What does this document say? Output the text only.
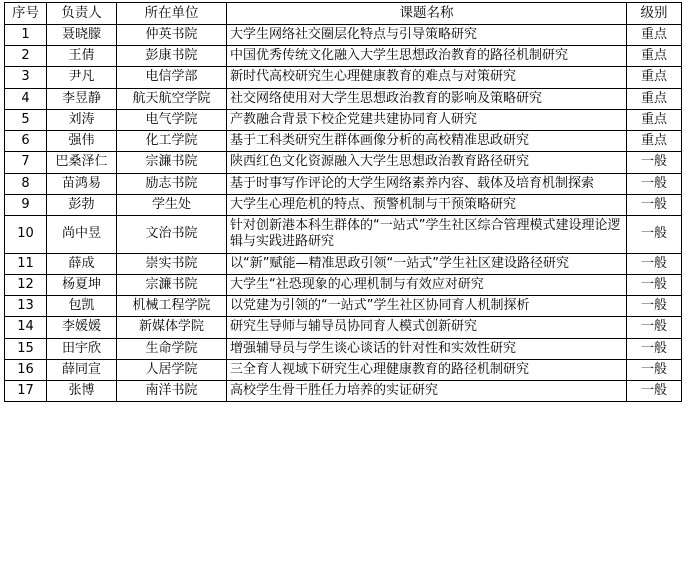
序号	负责人	所在单位	课题名称	级别
1	聂晓朦	仲英书院	大学生网络社交圈层化特点与引导策略研究	重点
2	王倩	彭康书院	中国优秀传统文化融入大学生思想政治教育的路径机制研究	重点
3	尹凡	电信学部	新时代高校研究生心理健康教育的难点与对策研究	重点
4	李昱静	航天航空学院	社交网络使用对大学生思想政治教育的影响及策略研究	重点
5	刘涛	电气学院	产教融合背景下校企党建共建协同育人研究	重点
6	强伟	化工学院	基于工科类研究生群体画像分析的高校精准思政研究	重点
7	巴桑泽仁	宗濂书院	陕西红色文化资源融入大学生思想政治教育路径研究	一般
8	苗鸿易	励志书院	基于时事写作评论的大学生网络素养内容、载体及培育机制探索	一般
9	彭勃	学生处	大学生心理危机的特点、预警机制与干预策略研究	一般
10	尚中昱	文治书院	针对创新港本科生群体的“一站式”学生社区综合管理模式建设理论逻辑与实践进路研究	一般
11	薛成	崇实书院	以“新”赋能—精准思政引领“一站式”学生社区建设路径研究	一般
12	杨夏坤	宗濂书院	大学生“社恐现象的心理机制与有效应对研究	一般
13	包凯	机械工程学院	以党建为引领的“一站式”学生社区协同育人机制探析	一般
14	李媛媛	新媒体学院	研究生导师与辅导员协同育人模式创新研究	一般
15	田宇欣	生命学院	增强辅导员与学生谈心谈话的针对性和实效性研究	一般
16	薛同宣	人居学院	三全育人视域下研究生心理健康教育的路径机制研究	一般
17	张博	南洋书院	高校学生骨干胜任力培养的实证研究	一般
